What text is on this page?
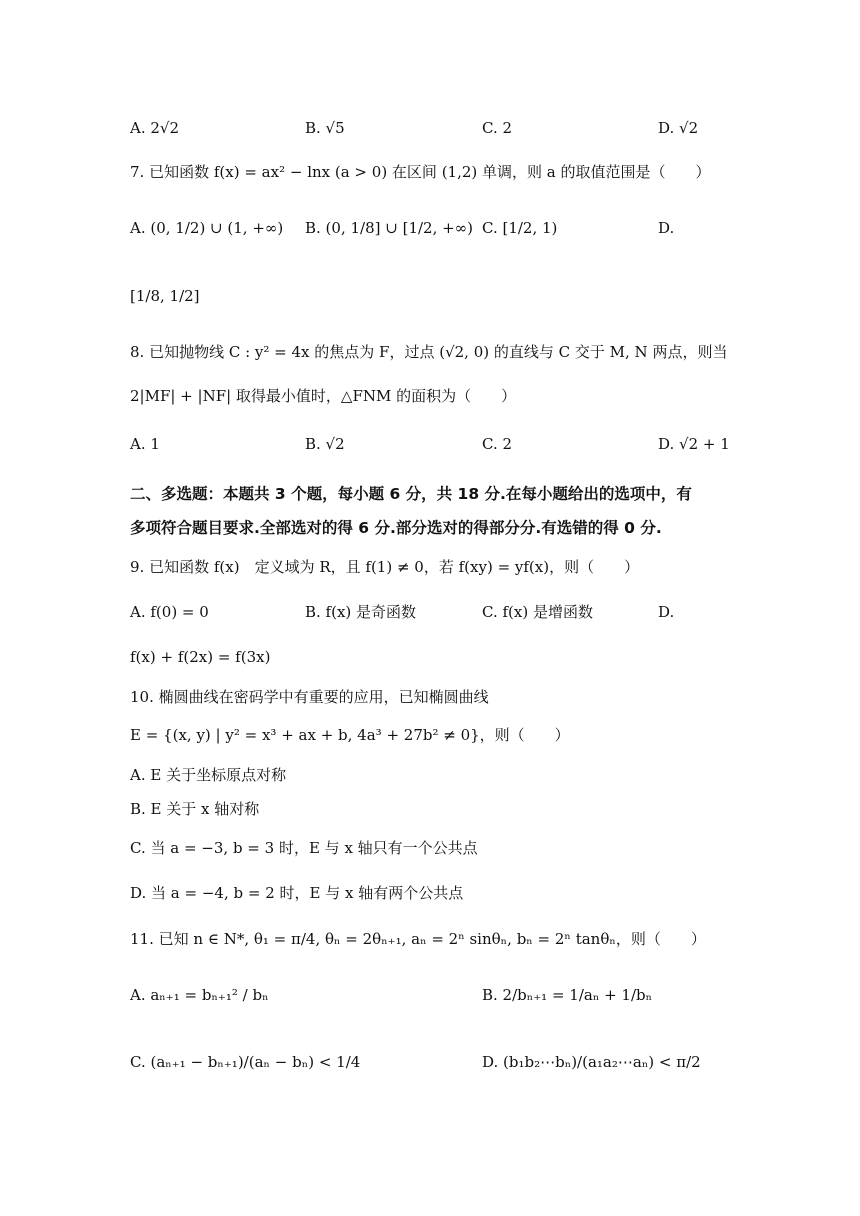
A. 2√2	B. √5	C. 2	D. √2
7. 已知函数 f(x) = ax² − lnx (a > 0) 在区间 (1,2) 单调，则 a 的取值范围是（　　）
A. (0, 1/2) ∪ (1, +∞) B. (0, 1/8] ∪ [1/2, +∞) C. [1/2, 1)	D.
[1/8, 1/2]
8. 已知抛物线 C : y² = 4x 的焦点为 F，过点 (√2, 0) 的直线与 C 交于 M, N 两点，则当
2|MF| + |NF| 取得最小值时，△FNM 的面积为（　　）
A. 1	B. √2	C. 2	D. √2 + 1
二、多选题：本题共 3 个题，每小题 6 分，共 18 分.在每小题给出的选项中，有
多项符合题目要求.全部选对的得 6 分.部分选对的得部分分.有选错的得 0 分.
9. 已知函数 f(x)　定义域为 R，且 f(1) ≠ 0，若 f(xy) = yf(x)，则（　　）
A. f(0) = 0	B. f(x) 是奇函数	C. f(x) 是增函数	D.
f(x) + f(2x) = f(3x)
10. 椭圆曲线在密码学中有重要的应用，已知椭圆曲线
E = {(x, y) | y² = x³ + ax + b, 4a³ + 27b² ≠ 0}，则（　　）
A. E 关于坐标原点对称
B. E 关于 x 轴对称
C. 当 a = −3, b = 3 时，E 与 x 轴只有一个公共点
D. 当 a = −4, b = 2 时，E 与 x 轴有两个公共点
11. 已知 n ∈ N*, θ₁ = π/4, θₙ = 2θₙ₊₁, aₙ = 2ⁿ sinθₙ, bₙ = 2ⁿ tanθₙ，则（　　）
A. aₙ₊₁ = bₙ₊₁² / bₙ	B. 2/bₙ₊₁ = 1/aₙ + 1/bₙ
C. (aₙ₊₁ − bₙ₊₁)/(aₙ − bₙ) < 1/4	D. (b₁b₂⋯bₙ)/(a₁a₂⋯aₙ) < π/2
